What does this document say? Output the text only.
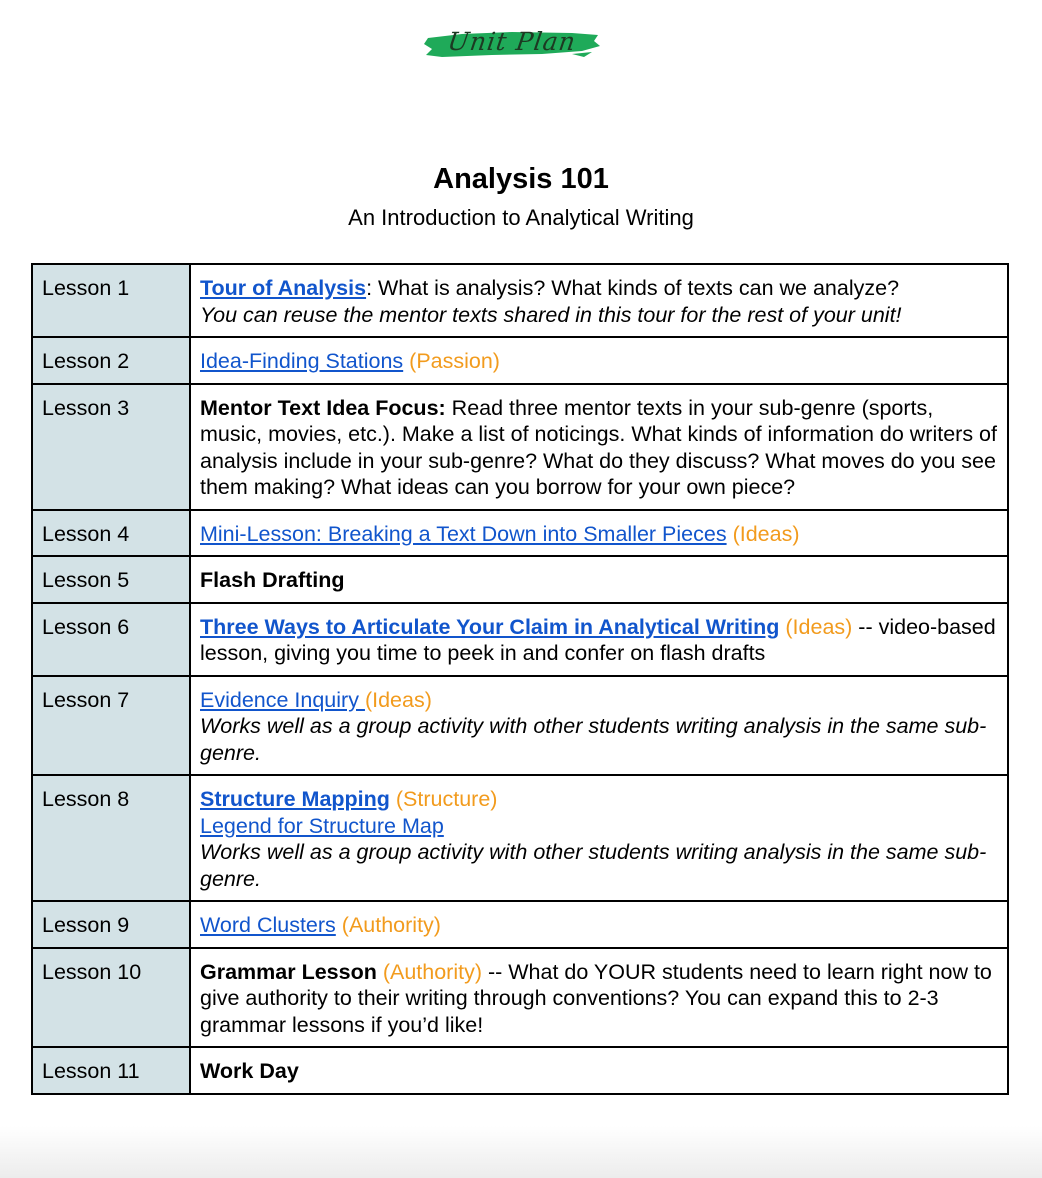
Unit Plan
Analysis 101

An Introduction to Analytical Writing

Lesson 1	Tour of Analysis: What is analysis? What kinds of texts can we analyze?
You can reuse the mentor texts shared in this tour for the rest of your unit!

Lesson 2	Idea-Finding Stations (Passion)

Lesson 3	Mentor Text Idea Focus: Read three mentor texts in your sub-genre (sports, music, movies, etc.). Make a list of noticings. What kinds of information do writers of analysis include in your sub-genre? What do they discuss? What moves do you see them making? What ideas can you borrow for your own piece?

Lesson 4	Mini-Lesson: Breaking a Text Down into Smaller Pieces (Ideas)

Lesson 5	Flash Drafting

Lesson 6	Three Ways to Articulate Your Claim in Analytical Writing (Ideas) -- video-based lesson, giving you time to peek in and confer on flash drafts

Lesson 7	Evidence Inquiry (Ideas)
Works well as a group activity with other students writing analysis in the same sub-genre.

Lesson 8	Structure Mapping (Structure)
Legend for Structure Map
Works well as a group activity with other students writing analysis in the same sub-genre.

Lesson 9	Word Clusters (Authority)

Lesson 10	Grammar Lesson (Authority) -- What do YOUR students need to learn right now to give authority to their writing through conventions? You can expand this to 2-3 grammar lessons if you’d like!

Lesson 11	Work Day
